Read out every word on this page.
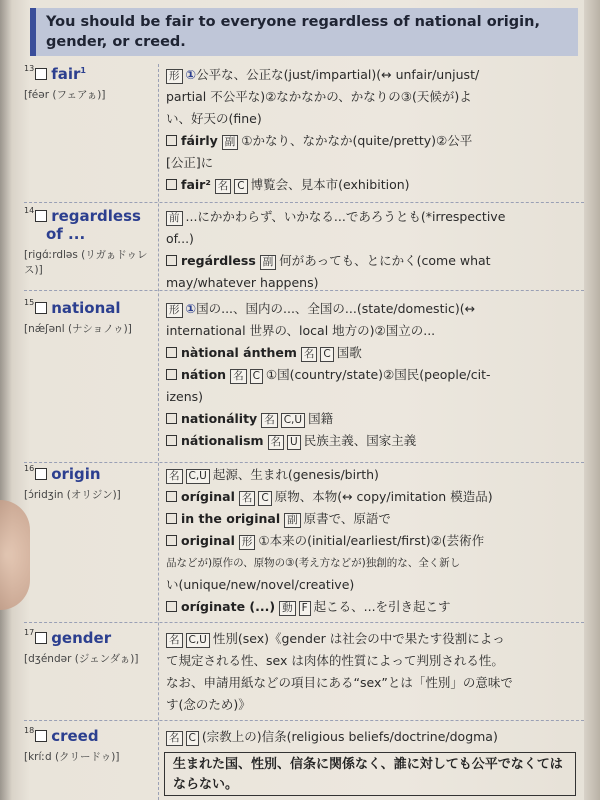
You should be fair to everyone regardless of national origin, gender, or creed.
$^{13}$ fair$^1$
[féər (フェアぁ)]
形 ①公平な、公正な(just/impartial)(↔ unfair/unjust/
partial 不公平な)②なかなかの、かなりの③(天候が)よ
い、好天の(fine)
fáirly 副 ①かなり、なかなか(quite/pretty)②公平
[公正]に
fair² 名 C 博覧会、見本市(exhibition)
$^{14}$ regardless
of ...
[rigɑ́ːrdləs (リガぁドゥレス)]
前 ...にかかわらず、いかなる...であろうとも(*irrespective
of...)
regárdless 副 何があっても、とにかく(come what
may/whatever happens)
$^{15}$ national
[nǽʃənl (ナショノゥ)]
形 ①国の...、国内の...、全国の...(state/domestic)(↔
international 世界の、local 地方の)②国立の...
nàtional ánthem 名 C 国歌
nátion 名 C ①国(country/state)②国民(people/cit-
izens)
nationálity 名 C,U 国籍
nátionalism 名 U 民族主義、国家主義
$^{16}$ origin
[ɔ́ridʒin (オリジン)]
名 C,U 起源、生まれ(genesis/birth)
oríginal 名 C 原物、本物(↔ copy/imitation 模造品)
in the original 副 原書で、原語で
original 形 ①本来の(initial/earliest/first)②(芸術作
品などが)原作の、原物の③(考え方などが)独創的な、全く新し
い(unique/new/novel/creative)
oríginate (...) 動 F 起こる、...を引き起こす
$^{17}$ gender
[dʒéndər (ジェンダぁ)]
名 C,U 性別(sex)《gender は社会の中で果たす役割によっ
て規定される性、sex は肉体的性質によって判別される性。
なお、申請用紙などの項目にある“sex”とは「性別」の意味で
す(念のため)》
$^{18}$ creed
[kríːd (クリードゥ)]
名 C (宗教上の)信条(religious beliefs/doctrine/dogma)
生まれた国、性別、信条に関係なく、誰に対しても公平でなくてはならない。
